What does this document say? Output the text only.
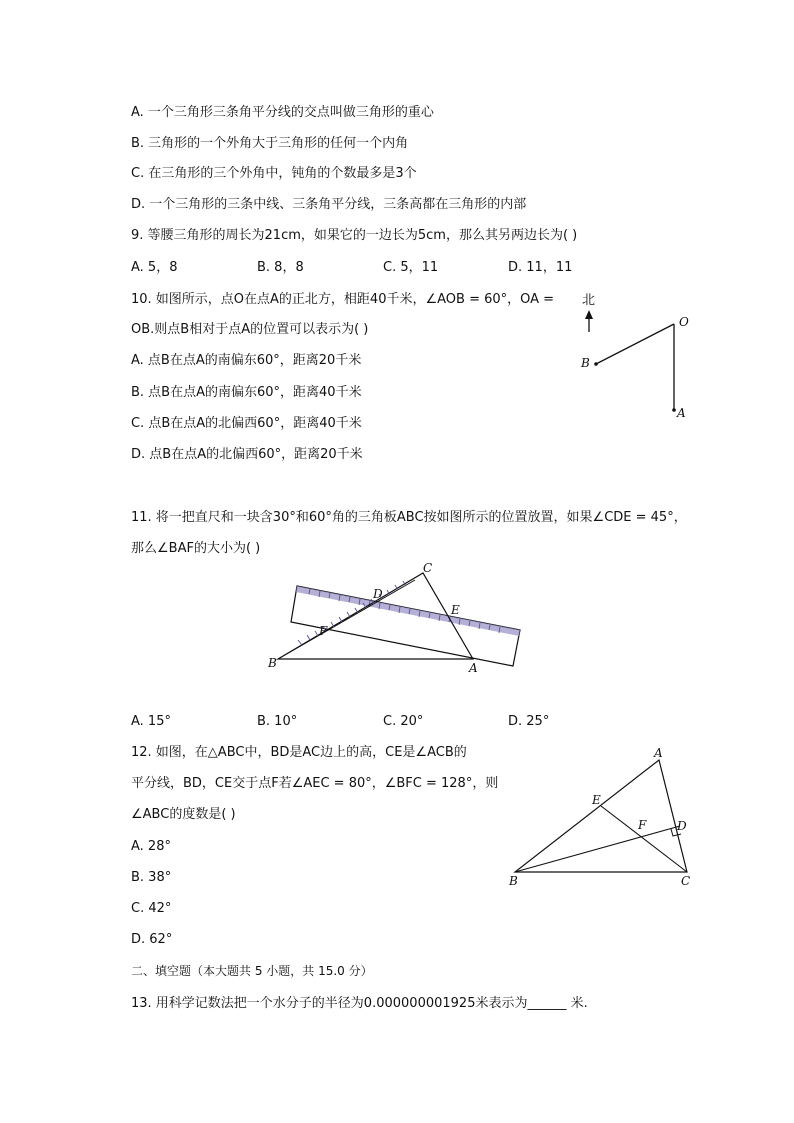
A. 一个三角形三条角平分线的交点叫做三角形的重心
B. 三角形的一个外角大于三角形的任何一个内角
C. 在三角形的三个外角中，钝角的个数最多是3个
D. 一个三角形的三条中线、三条角平分线，三条高都在三角形的内部
9. 等腰三角形的周长为21cm，如果它的一边长为5cm，那么其另两边长为( )
A. 5，8	B. 8，8	C. 5，11	D. 11，11
10. 如图所示，点O在点A的正北方，相距40千米，∠AOB = 60°，OA =
OB.则点B相对于点A的位置可以表示为( )
A. 点B在点A的南偏东60°，距离20千米
B. 点B在点A的南偏东60°，距离40千米
C. 点B在点A的北偏西60°，距离40千米
D. 点B在点A的北偏西60°，距离20千米
北
O
B
A
11. 将一把直尺和一块含30°和60°角的三角板ABC按如图所示的位置放置，如果∠CDE = 45°，
那么∠BAF的大小为( )
C
D
E
F
B	A
A. 15°	B. 10°	C. 20°	D. 25°
12. 如图，在△ABC中，BD是AC边上的高，CE是∠ACB的
平分线，BD，CE交于点F若∠AEC = 80°，∠BFC = 128°，则
∠ABC的度数是( )
A. 28°
B. 38°
C. 42°
D. 62°
A
E
F	D
B	C
二、填空题（本大题共 5 小题，共 15.0 分）
13. 用科学记数法把一个水分子的半径为0.000000001925米表示为______ 米.
